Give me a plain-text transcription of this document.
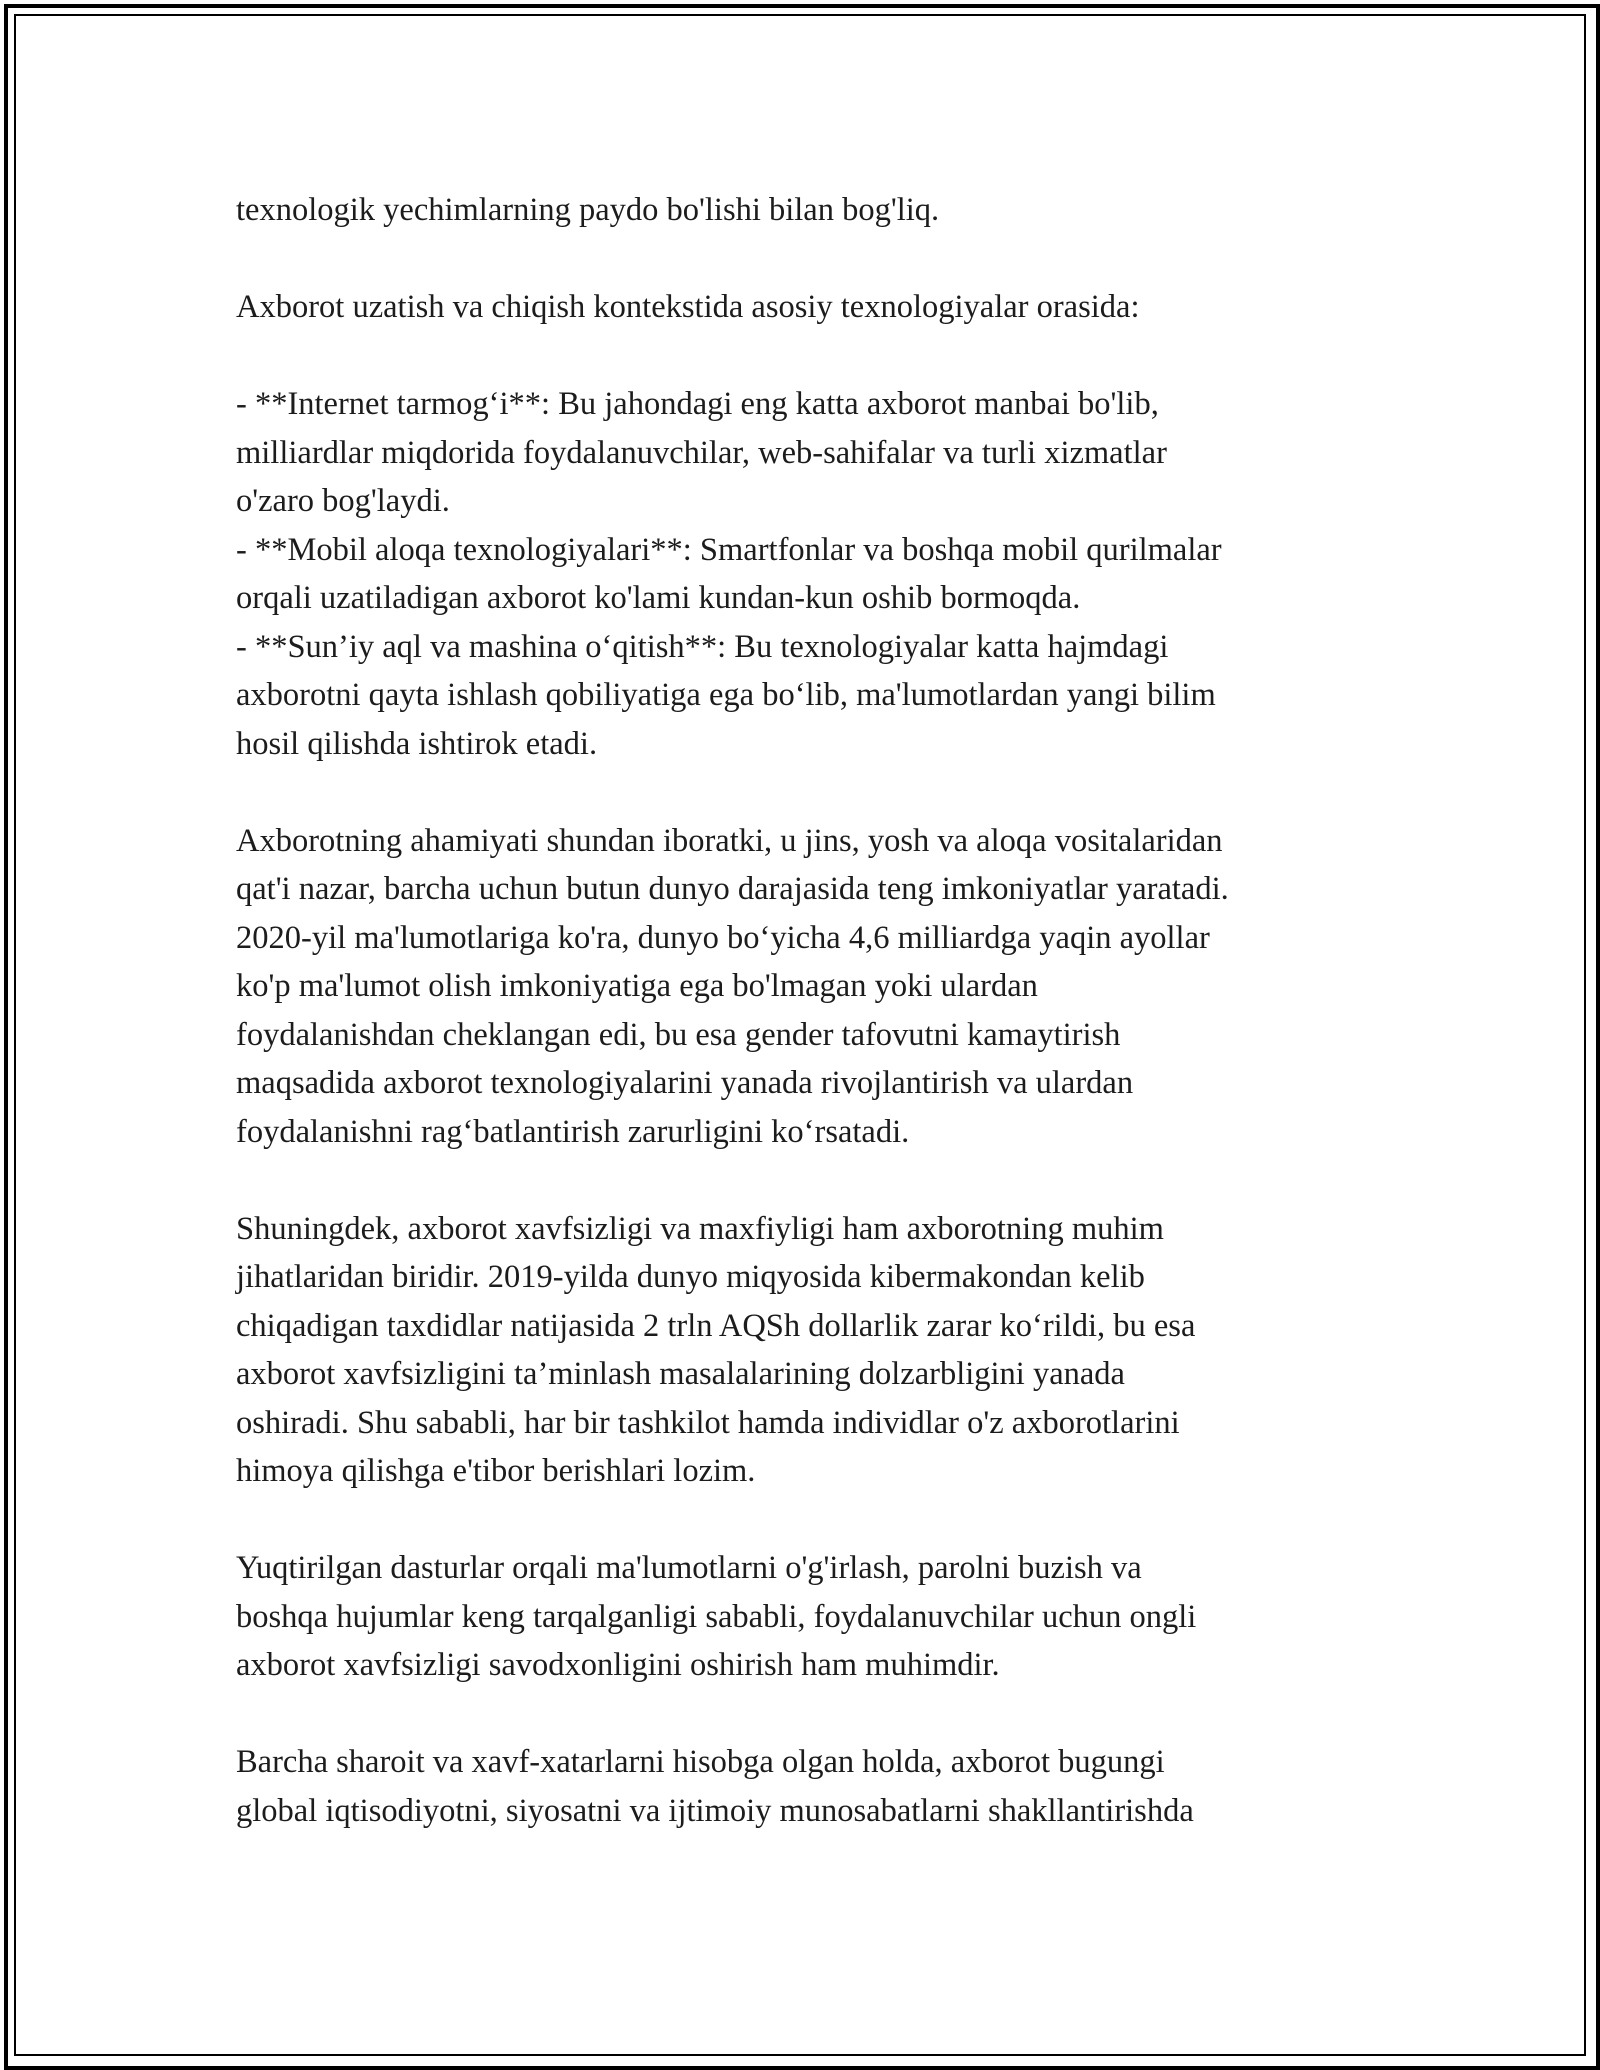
texnologik yechimlarning paydo bo'lishi bilan bog'liq.

Axborot uzatish va chiqish kontekstida asosiy texnologiyalar orasida:

- **Internet tarmog‘i**: Bu jahondagi eng katta axborot manbai bo'lib,
milliardlar miqdorida foydalanuvchilar, web-sahifalar va turli xizmatlar
o'zaro bog'laydi.
- **Mobil aloqa texnologiyalari**: Smartfonlar va boshqa mobil qurilmalar
orqali uzatiladigan axborot ko'lami kundan-kun oshib bormoqda.
- **Sun’iy aql va mashina o‘qitish**: Bu texnologiyalar katta hajmdagi
axborotni qayta ishlash qobiliyatiga ega bo‘lib, ma'lumotlardan yangi bilim
hosil qilishda ishtirok etadi.

Axborotning ahamiyati shundan iboratki, u jins, yosh va aloqa vositalaridan
qat'i nazar, barcha uchun butun dunyo darajasida teng imkoniyatlar yaratadi.
2020-yil ma'lumotlariga ko'ra, dunyo bo‘yicha 4,6 milliardga yaqin ayollar
ko'p ma'lumot olish imkoniyatiga ega bo'lmagan yoki ulardan
foydalanishdan cheklangan edi, bu esa gender tafovutni kamaytirish
maqsadida axborot texnologiyalarini yanada rivojlantirish va ulardan
foydalanishni rag‘batlantirish zarurligini ko‘rsatadi.

Shuningdek, axborot xavfsizligi va maxfiyligi ham axborotning muhim
jihatlaridan biridir. 2019-yilda dunyo miqyosida kibermakondan kelib
chiqadigan taxdidlar natijasida 2 trln AQSh dollarlik zarar ko‘rildi, bu esa
axborot xavfsizligini ta’minlash masalalarining dolzarbligini yanada
oshiradi. Shu sababli, har bir tashkilot hamda individlar o'z axborotlarini
himoya qilishga e'tibor berishlari lozim.

Yuqtirilgan dasturlar orqali ma'lumotlarni o'g'irlash, parolni buzish va
boshqa hujumlar keng tarqalganligi sababli, foydalanuvchilar uchun ongli
axborot xavfsizligi savodxonligini oshirish ham muhimdir.

Barcha sharoit va xavf-xatarlarni hisobga olgan holda, axborot bugungi
global iqtisodiyotni, siyosatni va ijtimoiy munosabatlarni shakllantirishda
